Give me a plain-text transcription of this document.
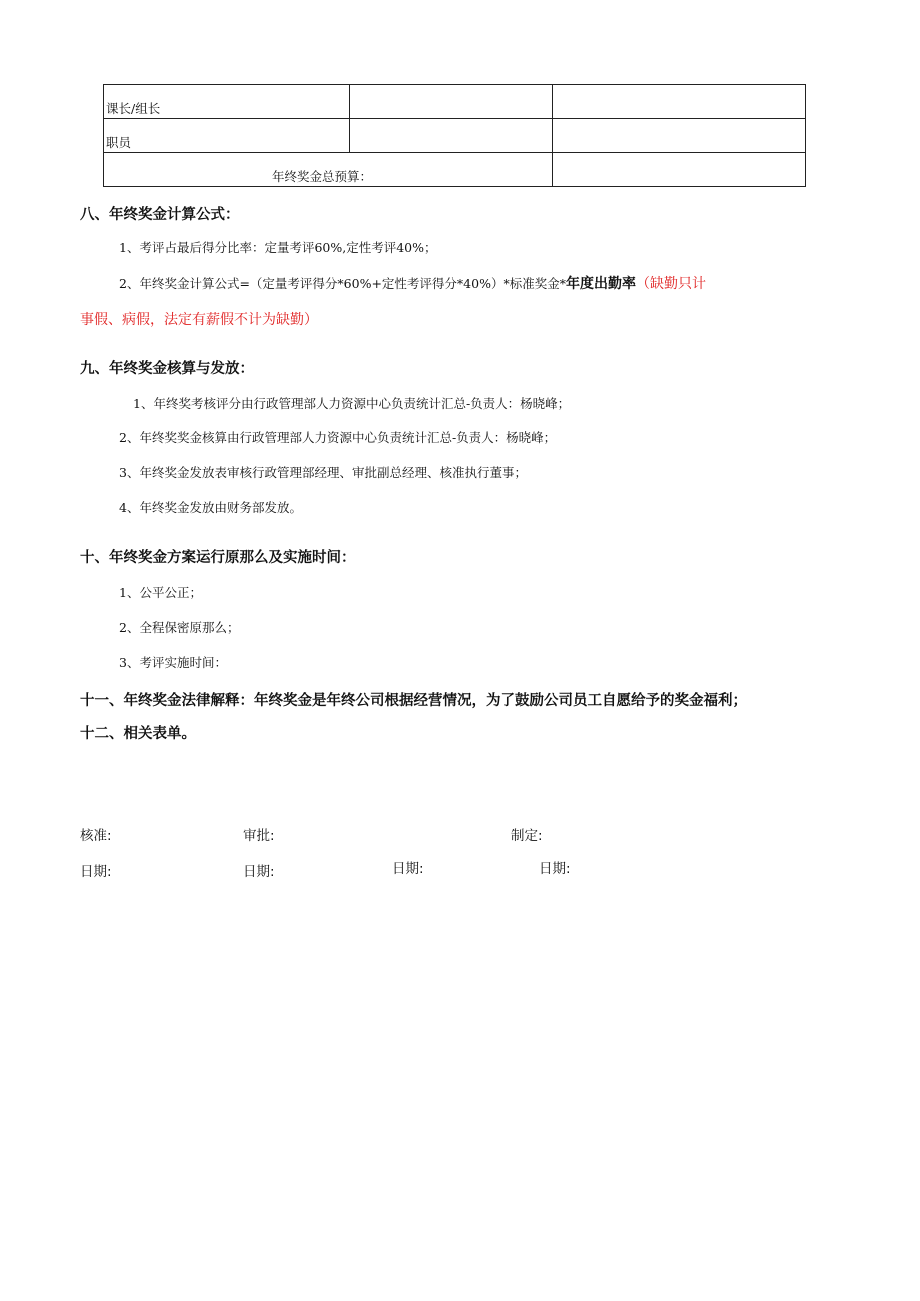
课长/组长		
职员		
年终奖金总预算：		
八、年终奖金计算公式：
1、考评占最后得分比率：定量考评60%,定性考评40%；
2、年终奖金计算公式=（定量考评得分*60%+定性考评得分*40%）*标准奖金*年度出勤率（缺勤只计
事假、病假，法定有薪假不计为缺勤）
九、年终奖金核算与发放：
1、年终奖考核评分由行政管理部人力资源中心负责统计汇总-负责人：杨晓峰；
2、年终奖奖金核算由行政管理部人力资源中心负责统计汇总-负责人：杨晓峰；
3、年终奖金发放表审核行政管理部经理、审批副总经理、核准执行董事；
4、年终奖金发放由财务部发放。
十、年终奖金方案运行原那么及实施时间：
1、公平公正；
2、全程保密原那么；
3、考评实施时间：
十一、年终奖金法律解释：年终奖金是年终公司根据经营情况，为了鼓励公司员工自愿给予的奖金福利；
十二、相关表单。
核准:	审批:	制定:
日期:	日期:	日期:	日期:
